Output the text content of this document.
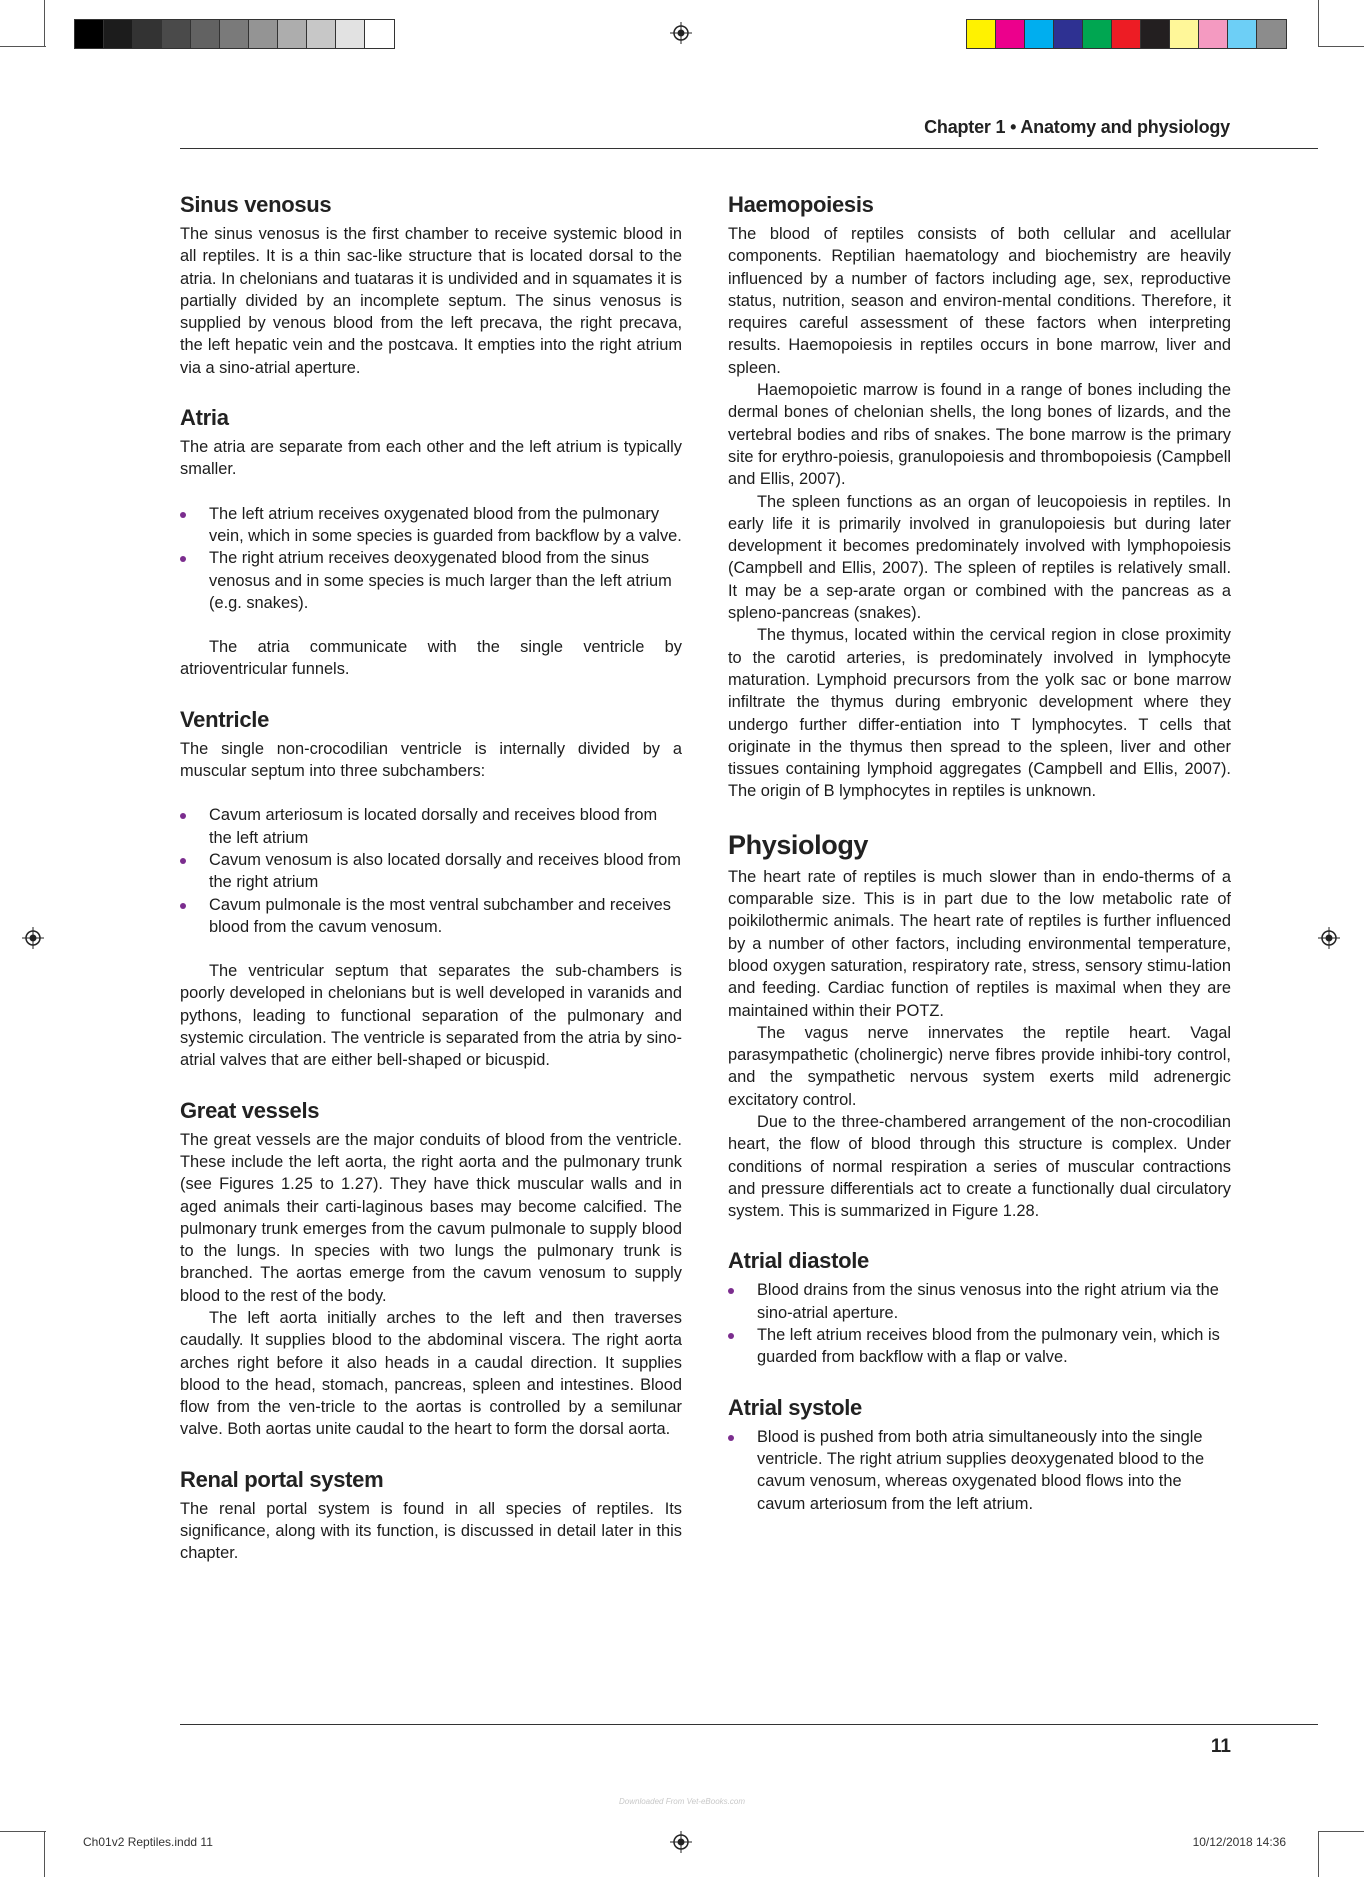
Chapter 1 • Anatomy and physiology
Sinus venosus

The sinus venosus is the first chamber to receive systemic blood in all reptiles. It is a thin sac-like structure that is located dorsal to the atria. In chelonians and tuataras it is undivided and in squamates it is partially divided by an incomplete septum. The sinus venosus is supplied by venous blood from the left precava, the right precava, the left hepatic vein and the postcava. It empties into the right atrium via a sino-atrial aperture.

Atria

The atria are separate from each other and the left atrium is typically smaller.

The left atrium receives oxygenated blood from the pulmonary vein, which in some species is guarded from backflow by a valve.
The right atrium receives deoxygenated blood from the sinus venosus and in some species is much larger than the left atrium (e.g. snakes).

The atria communicate with the single ventricle by atrioventricular funnels.

Ventricle

The single non-crocodilian ventricle is internally divided by a muscular septum into three subchambers:

Cavum arteriosum is located dorsally and receives blood from the left atrium
Cavum venosum is also located dorsally and receives blood from the right atrium
Cavum pulmonale is the most ventral subchamber and receives blood from the cavum venosum.

The ventricular septum that separates the sub-chambers is poorly developed in chelonians but is well developed in varanids and pythons, leading to functional separation of the pulmonary and systemic circulation. The ventricle is separated from the atria by sino-atrial valves that are either bell-shaped or bicuspid.

Great vessels

The great vessels are the major conduits of blood from the ventricle. These include the left aorta, the right aorta and the pulmonary trunk (see Figures 1.25 to 1.27). They have thick muscular walls and in aged animals their carti-laginous bases may become calcified. The pulmonary trunk emerges from the cavum pulmonale to supply blood to the lungs. In species with two lungs the pulmonary trunk is branched. The aortas emerge from the cavum venosum to supply blood to the rest of the body.

The left aorta initially arches to the left and then traverses caudally. It supplies blood to the abdominal viscera. The right aorta arches right before it also heads in a caudal direction. It supplies blood to the head, stomach, pancreas, spleen and intestines. Blood flow from the ven-tricle to the aortas is controlled by a semilunar valve. Both aortas unite caudal to the heart to form the dorsal aorta.

Renal portal system

The renal portal system is found in all species of reptiles. Its significance, along with its function, is discussed in detail later in this chapter.

Haemopoiesis

The blood of reptiles consists of both cellular and acellular components. Reptilian haematology and biochemistry are heavily influenced by a number of factors including age, sex, reproductive status, nutrition, season and environ-mental conditions. Therefore, it requires careful assessment of these factors when interpreting results. Haemopoiesis in reptiles occurs in bone marrow, liver and spleen.

Haemopoietic marrow is found in a range of bones including the dermal bones of chelonian shells, the long bones of lizards, and the vertebral bodies and ribs of snakes. The bone marrow is the primary site for erythro-poiesis, granulopoiesis and thrombopoiesis (Campbell and Ellis, 2007).

The spleen functions as an organ of leucopoiesis in reptiles. In early life it is primarily involved in granulopoiesis but during later development it becomes predominately involved with lymphopoiesis (Campbell and Ellis, 2007). The spleen of reptiles is relatively small. It may be a sep-arate organ or combined with the pancreas as a spleno-pancreas (snakes).

The thymus, located within the cervical region in close proximity to the carotid arteries, is predominately involved in lymphocyte maturation. Lymphoid precursors from the yolk sac or bone marrow infiltrate the thymus during embryonic development where they undergo further differ-entiation into T lymphocytes. T cells that originate in the thymus then spread to the spleen, liver and other tissues containing lymphoid aggregates (Campbell and Ellis, 2007). The origin of B lymphocytes in reptiles is unknown.

Physiology

The heart rate of reptiles is much slower than in endo-therms of a comparable size. This is in part due to the low metabolic rate of poikilothermic animals. The heart rate of reptiles is further influenced by a number of other factors, including environmental temperature, blood oxygen saturation, respiratory rate, stress, sensory stimu-lation and feeding. Cardiac function of reptiles is maximal when they are maintained within their POTZ.

The vagus nerve innervates the reptile heart. Vagal parasympathetic (cholinergic) nerve fibres provide inhibi-tory control, and the sympathetic nervous system exerts mild adrenergic excitatory control.

Due to the three-chambered arrangement of the non-crocodilian heart, the flow of blood through this structure is complex. Under conditions of normal respiration a series of muscular contractions and pressure differentials act to create a functionally dual circulatory system. This is summarized in Figure 1.28.

Atrial diastole
Blood drains from the sinus venosus into the right atrium via the sino-atrial aperture.
The left atrium receives blood from the pulmonary vein, which is guarded from backflow with a flap or valve.
Atrial systole
Blood is pushed from both atria simultaneously into the single ventricle. The right atrium supplies deoxygenated blood to the cavum venosum, whereas oxygenated blood flows into the cavum arteriosum from the left atrium.
11
Downloaded From Vet-eBooks.com
Ch01v2 Reptiles.indd 11	10/12/2018 14:36
